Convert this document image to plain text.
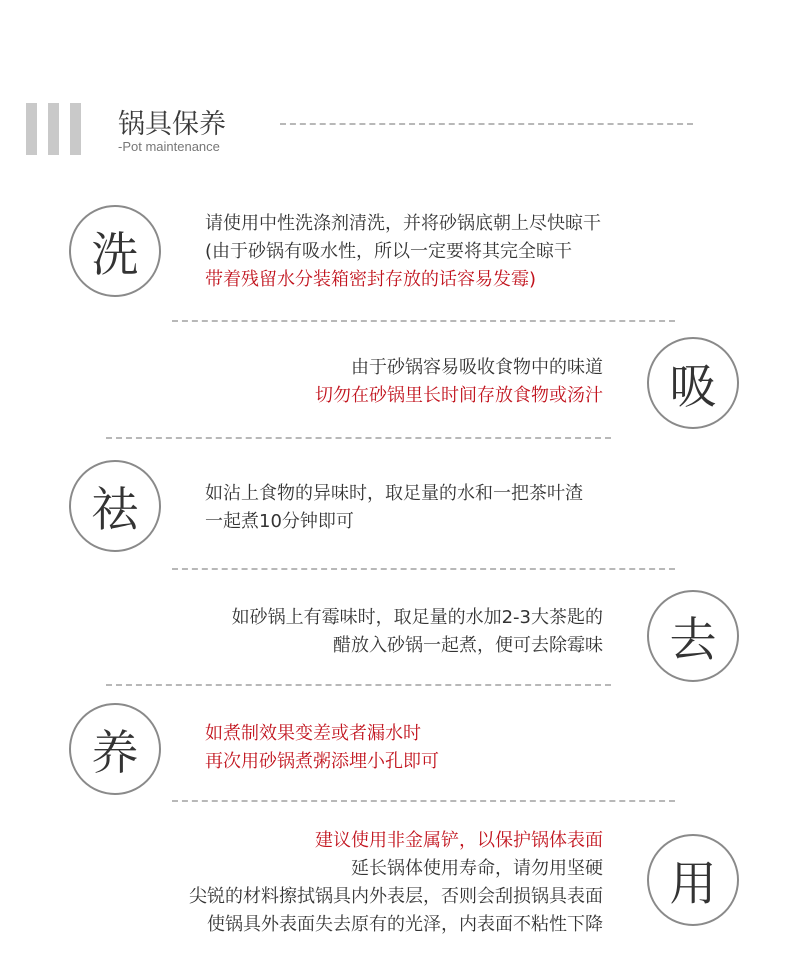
锅具保养
-Pot maintenance
洗
请使用中性洗涤剂清洗，并将砂锅底朝上尽快晾干
(由于砂锅有吸水性，所以一定要将其完全晾干
带着残留水分装箱密封存放的话容易发霉)
吸
由于砂锅容易吸收食物中的味道
切勿在砂锅里长时间存放食物或汤汁
祛	如沾上食物的异味时，取足量的水和一把茶叶渣
一起煮10分钟即可
去
如砂锅上有霉味时，取足量的水加2-3大茶匙的
醋放入砂锅一起煮，便可去除霉味
养	如煮制效果变差或者漏水时
再次用砂锅煮粥添埋小孔即可
用
建议使用非金属铲，以保护锅体表面
延长锅体使用寿命，请勿用坚硬
尖锐的材料擦拭锅具内外表层，否则会刮损锅具表面
使锅具外表面失去原有的光泽，内表面不粘性下降
